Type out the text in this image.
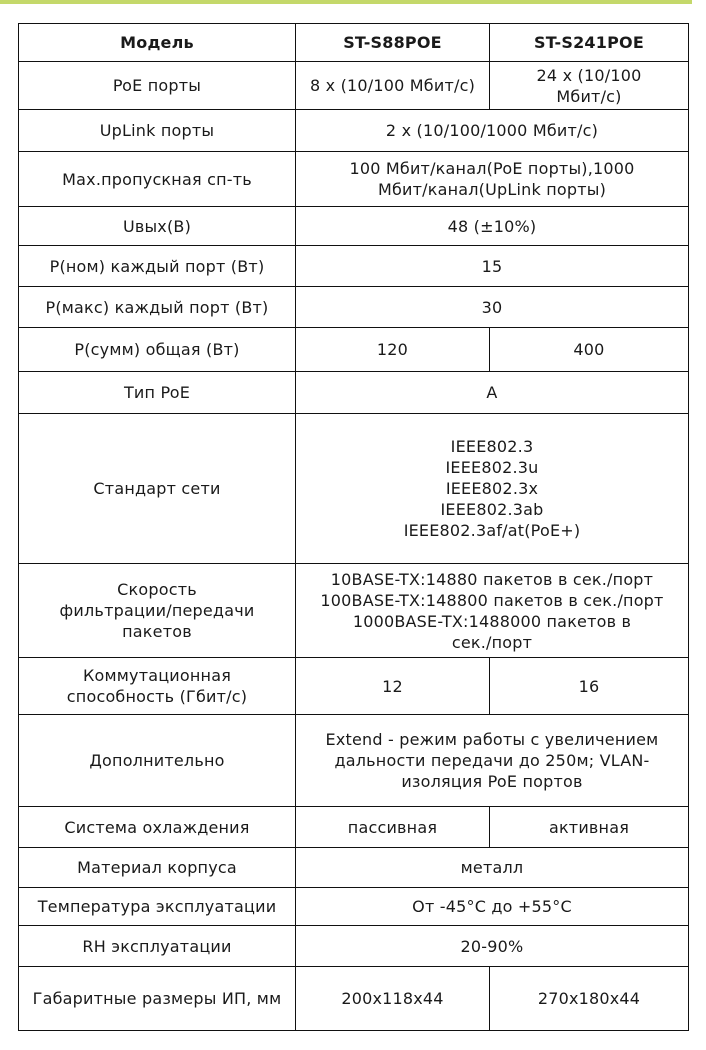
Модель	ST-S88POE	ST-S241POE
PoE порты	8 x (10/100 Мбит/с)	24 x (10/100
Мбит/с)
UpLink порты	2 x (10/100/1000 Мбит/с)	
Max.пропускная сп-ть	100 Мбит/канал(PoE порты),1000
Мбит/канал(UpLink порты)	
Uвых(В)	48 (±10%)	
P(ном) каждый порт (Вт)	15	
P(макс) каждый порт (Вт)	30	
P(сумм) общая (Вт)	120	400
Тип PoE	A	
Стандарт сети	IEEE802.3
IEEE802.3u
IEEE802.3x
IEEE802.3ab
IEEE802.3af/at(PoE+)	
Скорость
фильтрации/передачи
пакетов	10BASE-TX:14880 пакетов в сек./порт
100BASE-TX:148800 пакетов в сек./порт
1000BASE-TX:1488000 пакетов в
сек./порт	
Коммутационная
способность (Гбит/с)	12	16
Дополнительно	Extend - режим работы с увеличением
дальности передачи до 250м; VLAN-
изоляция PoE портов	
Система охлаждения	пассивная	активная
Материал корпуса	металл	
Температура эксплуатации	От -45°C до +55°C	
RH эксплуатации	20-90%	
Габаритные размеры ИП, мм	200x118x44	270x180x44
